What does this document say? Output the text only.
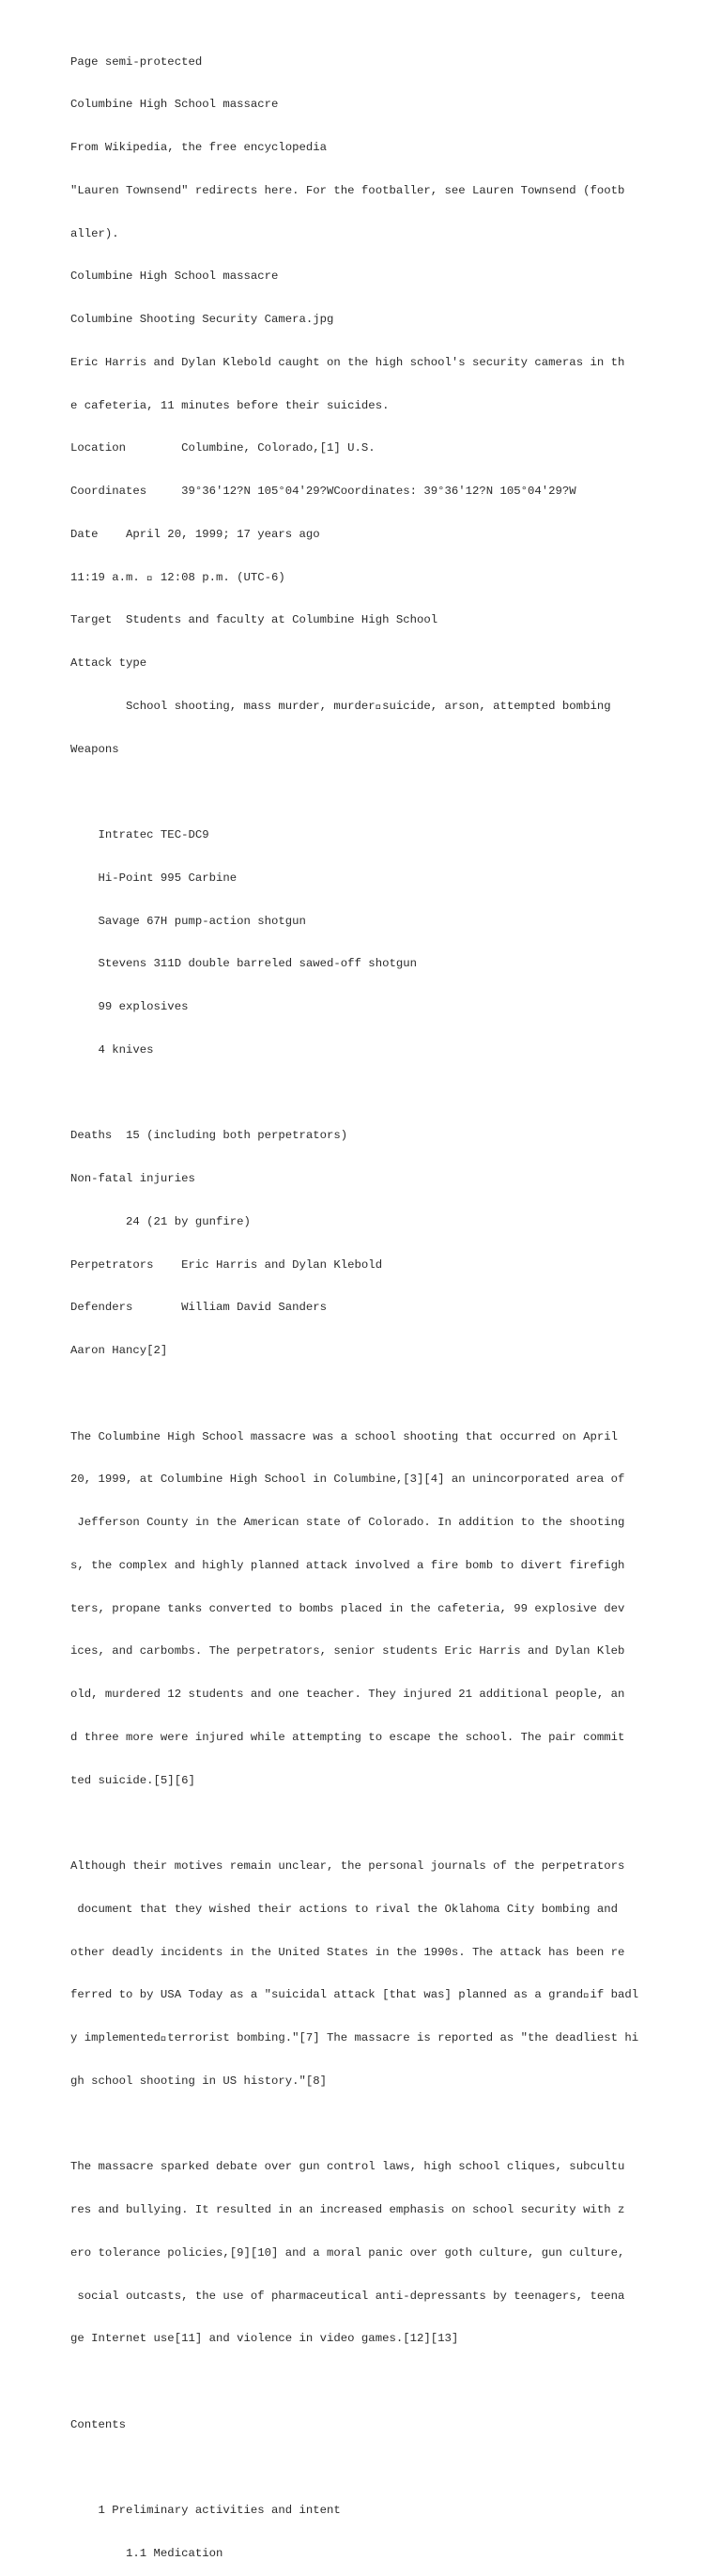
Page semi-protected

Columbine High School massacre

From Wikipedia, the free encyclopedia

"Lauren Townsend" redirects here. For the footballer, see Lauren Townsend (footb

aller).

Columbine High School massacre

Columbine Shooting Security Camera.jpg

Eric Harris and Dylan Klebold caught on the high school's security cameras in th

e cafeteria, 11 minutes before their suicides.

Location        Columbine, Colorado,[1] U.S.

Coordinates     39°36'12?N 105°04'29?WCoordinates: 39°36'12?N 105°04'29?W

Date    April 20, 1999; 17 years ago

11:19 a.m.   12:08 p.m. (UTC-6)

Target  Students and faculty at Columbine High School

Attack type

School shooting, mass murder, murder suicide, arson, attempted bombing

Weapons

Intratec TEC-DC9

Hi-Point 995 Carbine

Savage 67H pump-action shotgun

Stevens 311D double barreled sawed-off shotgun

99 explosives

4 knives

Deaths  15 (including both perpetrators)

Non-fatal injuries

24 (21 by gunfire)

Perpetrators    Eric Harris and Dylan Klebold

Defenders       William David Sanders

Aaron Hancy[2]

The Columbine High School massacre was a school shooting that occurred on April

20, 1999, at Columbine High School in Columbine,[3][4] an unincorporated area of

Jefferson County in the American state of Colorado. In addition to the shooting

s, the complex and highly planned attack involved a fire bomb to divert firefigh

ters, propane tanks converted to bombs placed in the cafeteria, 99 explosive dev

ices, and carbombs. The perpetrators, senior students Eric Harris and Dylan Kleb

old, murdered 12 students and one teacher. They injured 21 additional people, an

d three more were injured while attempting to escape the school. The pair commit

ted suicide.[5][6]

Although their motives remain unclear, the personal journals of the perpetrators

document that they wished their actions to rival the Oklahoma City bombing and

other deadly incidents in the United States in the 1990s. The attack has been re

ferred to by USA Today as a "suicidal attack [that was] planned as a grand if badl

y implemented terrorist bombing."[7] The massacre is reported as "the deadliest hi

gh school shooting in US history."[8]

The massacre sparked debate over gun control laws, high school cliques, subcultu

res and bullying. It resulted in an increased emphasis on school security with z

ero tolerance policies,[9][10] and a moral panic over goth culture, gun culture,

social outcasts, the use of pharmaceutical anti-depressants by teenagers, teena

ge Internet use[11] and violence in video games.[12][13]

Contents

1 Preliminary activities and intent

1.1 Medication
